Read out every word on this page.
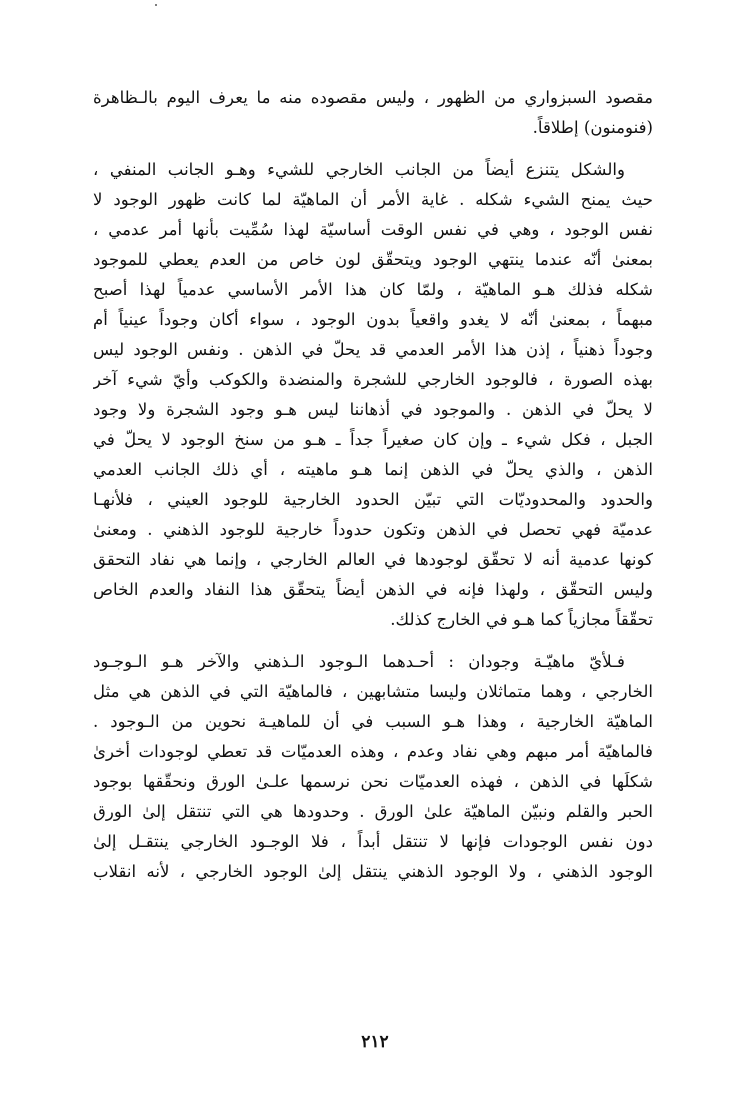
مقصود السبزواري من الظهور ، وليس مقصوده منه ما يعرف اليوم بالـظاهرة
(فنومنون) إطلاقاً.
والشكل يتنزع أيضاً من الجانب الخارجي للشيء وهـو الجانب المنفي ،
حيث يمنح الشيء شكله . غاية الأمر أن الماهيّة لما كانت ظهور الوجود لا
نفس الوجود ، وهي في نفس الوقت أساسيّة لهذا سُمِّيت بأنها أمر عدمي ،
بمعنىٰ أنّه عندما ينتهي الوجود ويتحقّق لون خاص من العدم يعطي للموجود
شكله فذلك هـو الماهيّة ، ولمّا كان هذا الأمر الأساسي عدمياً لهذا أصبح
مبهماً ، بمعنىٰ أنّه لا يغدو واقعياً بدون الوجود ، سواء أكان وجوداً عينياً أم
وجوداً ذهنياً ، إذن هذا الأمر العدمي قد يحلّ في الذهن . ونفس الوجود ليس
بهذه الصورة ، فالوجود الخارجي للشجرة والمنضدة والكوكب وأيّ شيء آخر
لا يحلّ في الذهن . والموجود في أذهاننا ليس هـو وجود الشجرة ولا وجود
الجبل ، فكل شيء ـ وإن كان صغيراً جداً ـ هـو من سنخ الوجود لا يحلّ في
الذهن ، والذي يحلّ في الذهن إنما هـو ماهيته ، أي ذلك الجانب العدمي
والحدود والمحدوديّات التي تبيّن الحدود الخارجية للوجود العيني ، فلأنهـا
عدميّة فهي تحصل في الذهن وتكون حدوداً خارجية للوجود الذهني . ومعنىٰ
كونها عدمية أنه لا تحقّق لوجودها في العالم الخارجي ، وإنما هي نفاد التحقق
وليس التحقّق ، ولهذا فإنه في الذهن أيضاً يتحقّق هذا النفاد والعدم الخاص
تحقّقاً مجازياً كما هـو في الخارج كذلك.
فـلأيّ ماهيّـة وجودان : أحـدهما الـوجود الـذهني والآخر هـو الـوجـود
الخارجي ، وهما متماثلان وليسا متشابهين ، فالماهيّة التي في الذهن هي مثل
الماهيّة الخارجية ، وهذا هـو السبب في أن للماهيـة نحوين من الـوجود .
فالماهيّة أمر مبهم وهي نفاد وعدم ، وهذه العدميّات قد تعطي لوجودات أخرىٰ
شكلَها في الذهن ، فهذه العدميّات نحن نرسمها علـىٰ الورق ونحقّقها بوجود
الحبر والقلم ونبيّن الماهيّة علىٰ الورق . وحدودها هي التي تنتقل إلىٰ الورق
دون نفس الوجودات فإنها لا تنتقل أبداً ، فلا الوجـود الخارجي ينتقـل إلىٰ
الوجود الذهني ، ولا الوجود الذهني ينتقل إلىٰ الوجود الخارجي ، لأنه انقلاب
٢١٢
